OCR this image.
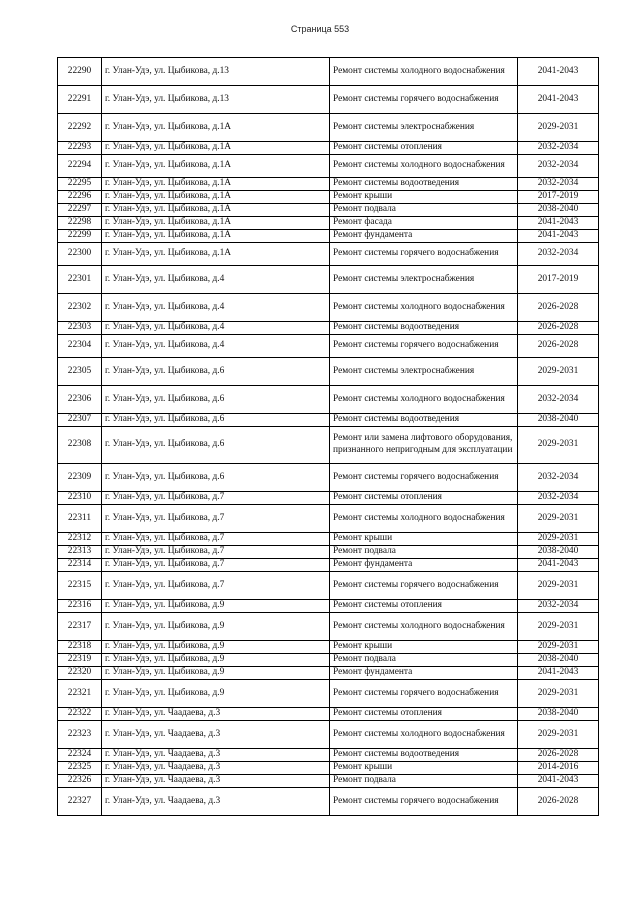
Страница 553
22290	г. Улан-Удэ, ул. Цыбикова, д.13	Ремонт системы холодного водоснабжения	2041-2043
22291	г. Улан-Удэ, ул. Цыбикова, д.13	Ремонт системы горячего водоснабжения	2041-2043
22292	г. Улан-Удэ, ул. Цыбикова, д.1А	Ремонт системы электроснабжения	2029-2031
22293	г. Улан-Удэ, ул. Цыбикова, д.1А	Ремонт системы отопления	2032-2034
22294	г. Улан-Удэ, ул. Цыбикова, д.1А	Ремонт системы холодного водоснабжения	2032-2034
22295	г. Улан-Удэ, ул. Цыбикова, д.1А	Ремонт системы водоотведения	2032-2034
22296	г. Улан-Удэ, ул. Цыбикова, д.1А	Ремонт крыши	2017-2019
22297	г. Улан-Удэ, ул. Цыбикова, д.1А	Ремонт подвала	2038-2040
22298	г. Улан-Удэ, ул. Цыбикова, д.1А	Ремонт фасада	2041-2043
22299	г. Улан-Удэ, ул. Цыбикова, д.1А	Ремонт фундамента	2041-2043
22300	г. Улан-Удэ, ул. Цыбикова, д.1А	Ремонт системы горячего водоснабжения	2032-2034
22301	г. Улан-Удэ, ул. Цыбикова, д.4	Ремонт системы электроснабжения	2017-2019
22302	г. Улан-Удэ, ул. Цыбикова, д.4	Ремонт системы холодного водоснабжения	2026-2028
22303	г. Улан-Удэ, ул. Цыбикова, д.4	Ремонт системы водоотведения	2026-2028
22304	г. Улан-Удэ, ул. Цыбикова, д.4	Ремонт системы горячего водоснабжения	2026-2028
22305	г. Улан-Удэ, ул. Цыбикова, д.6	Ремонт системы электроснабжения	2029-2031
22306	г. Улан-Удэ, ул. Цыбикова, д.6	Ремонт системы холодного водоснабжения	2032-2034
22307	г. Улан-Удэ, ул. Цыбикова, д.6	Ремонт системы водоотведения	2038-2040
22308	г. Улан-Удэ, ул. Цыбикова, д.6	Ремонт или замена лифтового оборудования, признанного непригодным для эксплуатации	2029-2031
22309	г. Улан-Удэ, ул. Цыбикова, д.6	Ремонт системы горячего водоснабжения	2032-2034
22310	г. Улан-Удэ, ул. Цыбикова, д.7	Ремонт системы отопления	2032-2034
22311	г. Улан-Удэ, ул. Цыбикова, д.7	Ремонт системы холодного водоснабжения	2029-2031
22312	г. Улан-Удэ, ул. Цыбикова, д.7	Ремонт крыши	2029-2031
22313	г. Улан-Удэ, ул. Цыбикова, д.7	Ремонт подвала	2038-2040
22314	г. Улан-Удэ, ул. Цыбикова, д.7	Ремонт фундамента	2041-2043
22315	г. Улан-Удэ, ул. Цыбикова, д.7	Ремонт системы горячего водоснабжения	2029-2031
22316	г. Улан-Удэ, ул. Цыбикова, д.9	Ремонт системы отопления	2032-2034
22317	г. Улан-Удэ, ул. Цыбикова, д.9	Ремонт системы холодного водоснабжения	2029-2031
22318	г. Улан-Удэ, ул. Цыбикова, д.9	Ремонт крыши	2029-2031
22319	г. Улан-Удэ, ул. Цыбикова, д.9	Ремонт подвала	2038-2040
22320	г. Улан-Удэ, ул. Цыбикова, д.9	Ремонт фундамента	2041-2043
22321	г. Улан-Удэ, ул. Цыбикова, д.9	Ремонт системы горячего водоснабжения	2029-2031
22322	г. Улан-Удэ, ул. Чаадаева, д.3	Ремонт системы отопления	2038-2040
22323	г. Улан-Удэ, ул. Чаадаева, д.3	Ремонт системы холодного водоснабжения	2029-2031
22324	г. Улан-Удэ, ул. Чаадаева, д.3	Ремонт системы водоотведения	2026-2028
22325	г. Улан-Удэ, ул. Чаадаева, д.3	Ремонт крыши	2014-2016
22326	г. Улан-Удэ, ул. Чаадаева, д.3	Ремонт подвала	2041-2043
22327	г. Улан-Удэ, ул. Чаадаева, д.3	Ремонт системы горячего водоснабжения	2026-2028
